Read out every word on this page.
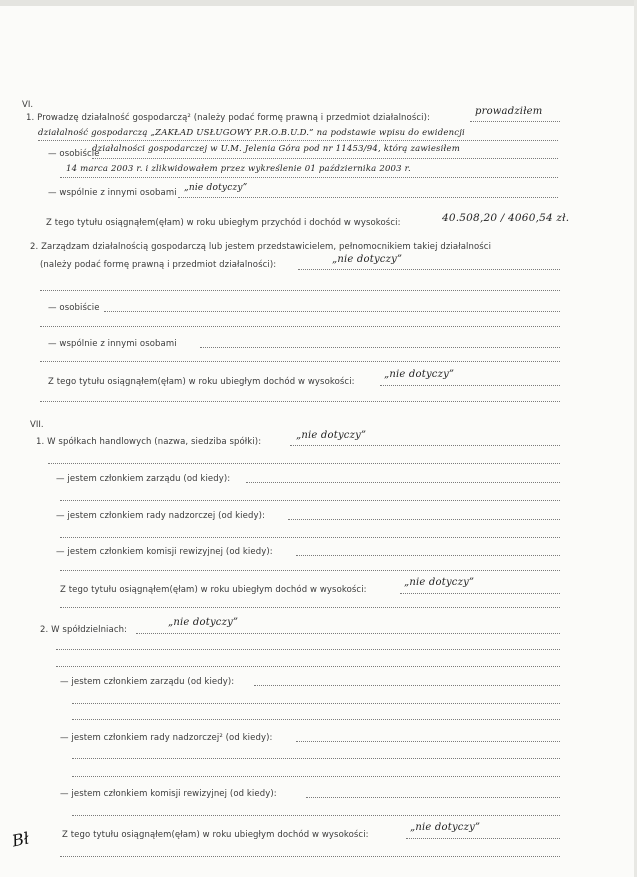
VI.
1. Prowadzę działalność gospodarczą² (należy podać formę prawną i przedmiot działalności):
prowadziłem
działalność gospodarczą „ZAKŁAD USŁUGOWY P.R.O.B.U.D.” na podstawie wpisu do ewidencji
— osobiście
działalności gospodarczej w U.M. Jelenia Góra pod nr 11453/94, którą zawiesiłem
14 marca 2003 r. i zlikwidowałem przez wykreślenie 01 października 2003 r.
— wspólnie z innymi osobami „nie dotyczy”
Z tego tytułu osiągnąłem(ęłam) w roku ubiegłym przychód i dochód w wysokości:	40.508,20 / 4060,54 zł.
2. Zarządzam działalnością gospodarczą lub jestem przedstawicielem, pełnomocnikiem takiej działalności
(należy podać formę prawną i przedmiot działalności):	„nie dotyczy”
— osobiście
— wspólnie z innymi osobami
Z tego tytułu osiągnąłem(ęłam) w roku ubiegłym dochód w wysokości:
„nie dotyczy”
VII.
1. W spółkach handlowych (nazwa, siedziba spółki):
„nie dotyczy”
— jestem członkiem zarządu (od kiedy):
— jestem członkiem rady nadzorczej (od kiedy):
— jestem członkiem komisji rewizyjnej (od kiedy):
Z tego tytułu osiągnąłem(ęłam) w roku ubiegłym dochód w wysokości:
„nie dotyczy”
2. W spółdzielniach:
„nie dotyczy”
— jestem członkiem zarządu (od kiedy):
— jestem członkiem rady nadzorczej² (od kiedy):
— jestem członkiem komisji rewizyjnej (od kiedy):
Z tego tytułu osiągnąłem(ęłam) w roku ubiegłym dochód w wysokości:
„nie dotyczy”
Bł
